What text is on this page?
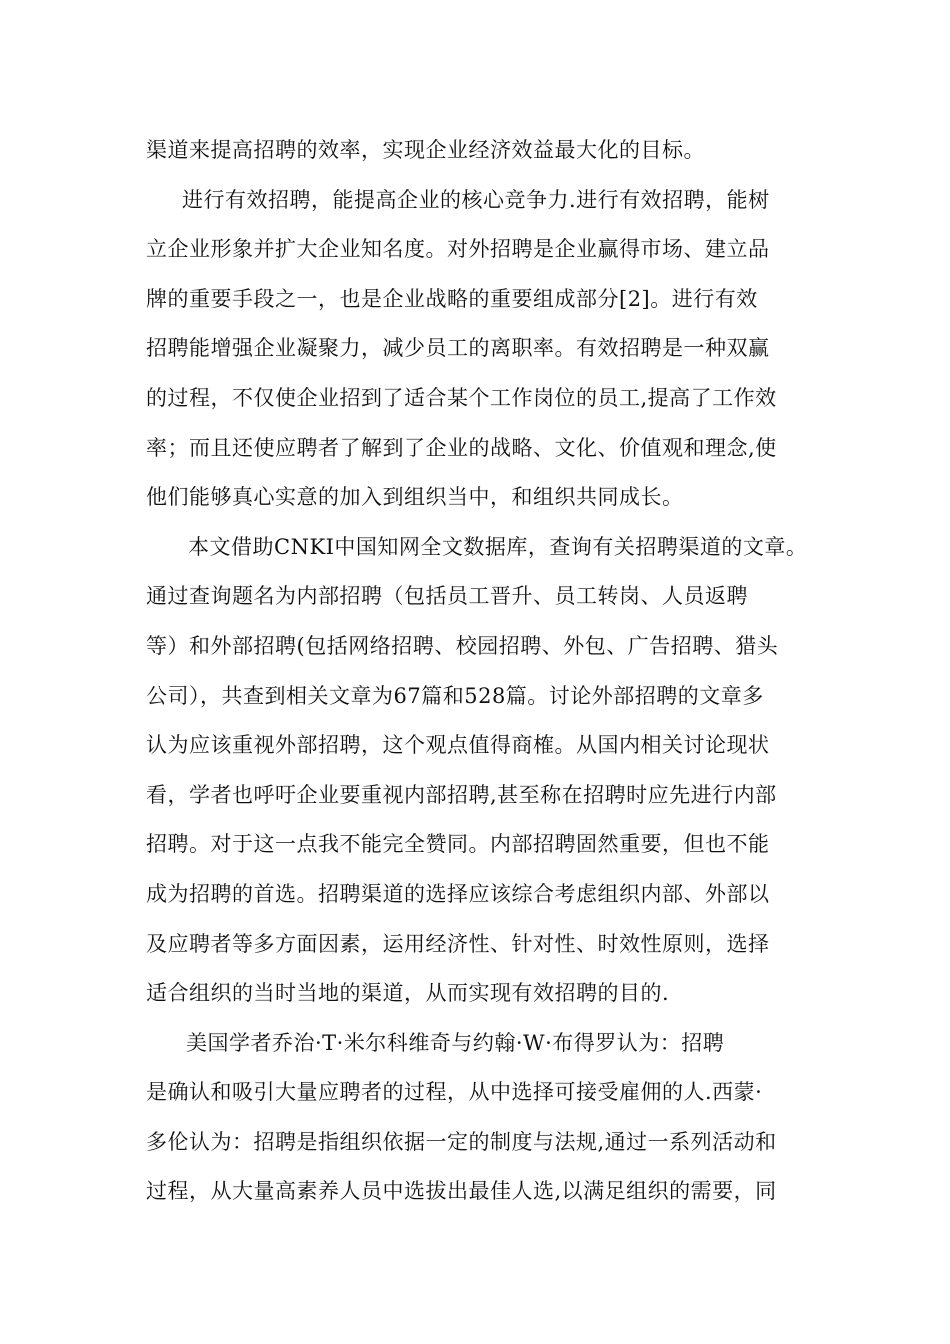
渠道来提高招聘的效率，实现企业经济效益最大化的目标。
进行有效招聘，能提高企业的核心竞争力.进行有效招聘，能树
立企业形象并扩大企业知名度。对外招聘是企业赢得市场、建立品
牌的重要手段之一，也是企业战略的重要组成部分[2]。进行有效
招聘能增强企业凝聚力，减少员工的离职率。有效招聘是一种双赢
的过程，不仅使企业招到了适合某个工作岗位的员工,提高了工作效
率；而且还使应聘者了解到了企业的战略、文化、价值观和理念,使
他们能够真心实意的加入到组织当中，和组织共同成长。
本文借助CNKI中国知网全文数据库，查询有关招聘渠道的文章。
通过查询题名为内部招聘（包括员工晋升、员工转岗、人员返聘
等）和外部招聘(包括网络招聘、校园招聘、外包、广告招聘、猎头
公司），共查到相关文章为67篇和528篇。讨论外部招聘的文章多
认为应该重视外部招聘，这个观点值得商榷。从国内相关讨论现状
看，学者也呼吁企业要重视内部招聘,甚至称在招聘时应先进行内部
招聘。对于这一点我不能完全赞同。内部招聘固然重要，但也不能
成为招聘的首选。招聘渠道的选择应该综合考虑组织内部、外部以
及应聘者等多方面因素，运用经济性、针对性、时效性原则，选择
适合组织的当时当地的渠道，从而实现有效招聘的目的.
美国学者乔治·T·米尔科维奇与约翰·W·布得罗认为：招聘
是确认和吸引大量应聘者的过程，从中选择可接受雇佣的人.西蒙·
多伦认为：招聘是指组织依据一定的制度与法规,通过一系列活动和
过程，从大量高素养人员中选拔出最佳人选,以满足组织的需要，同
